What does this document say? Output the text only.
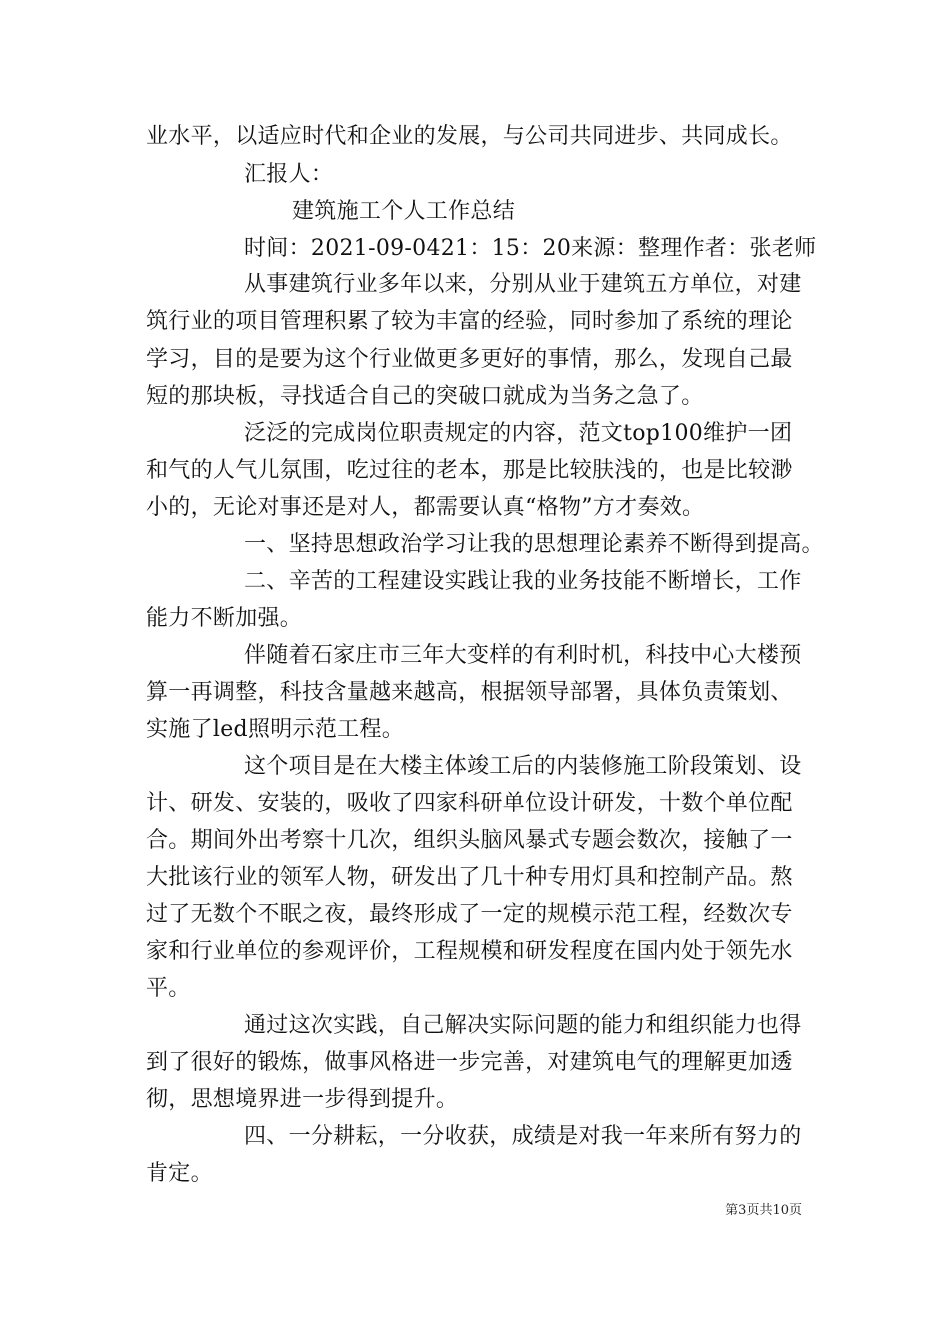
业水平，以适应时代和企业的发展，与公司共同进步、共同成长。
汇报人：
建筑施工个人工作总结
时间：2021-09-0421：15：20来源：整理作者：张老师
从事建筑行业多年以来，分别从业于建筑五方单位，对建
筑行业的项目管理积累了较为丰富的经验，同时参加了系统的理论
学习，目的是要为这个行业做更多更好的事情，那么，发现自己最
短的那块板，寻找适合自己的突破口就成为当务之急了。
泛泛的完成岗位职责规定的内容，范文top100维护一团
和气的人气儿氛围，吃过往的老本，那是比较肤浅的，也是比较渺
小的，无论对事还是对人，都需要认真“格物”方才奏效。
一、坚持思想政治学习让我的思想理论素养不断得到提高。
二、辛苦的工程建设实践让我的业务技能不断增长，工作
能力不断加强。
伴随着石家庄市三年大变样的有利时机，科技中心大楼预
算一再调整，科技含量越来越高，根据领导部署，具体负责策划、
实施了led照明示范工程。
这个项目是在大楼主体竣工后的内装修施工阶段策划、设
计、研发、安装的，吸收了四家科研单位设计研发，十数个单位配
合。期间外出考察十几次，组织头脑风暴式专题会数次，接触了一
大批该行业的领军人物，研发出了几十种专用灯具和控制产品。熬
过了无数个不眠之夜，最终形成了一定的规模示范工程，经数次专
家和行业单位的参观评价，工程规模和研发程度在国内处于领先水
平。
通过这次实践，自己解决实际问题的能力和组织能力也得
到了很好的锻炼，做事风格进一步完善，对建筑电气的理解更加透
彻，思想境界进一步得到提升。
四、一分耕耘，一分收获，成绩是对我一年来所有努力的
肯定。
第3页共10页
